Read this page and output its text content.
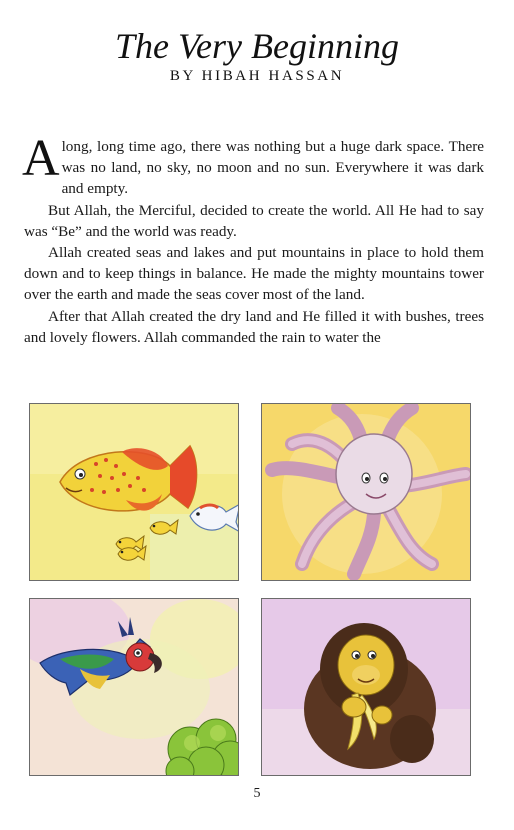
The Very Beginning
BY HIBAH HASSAN

A long, long time ago, there was nothing but a huge dark space. There was no land, no sky, no moon and no sun. Everywhere it was dark and empty.

But Allah, the Merciful, decided to create the world. All He had to say was “Be” and the world was ready.

Allah created seas and lakes and put mountains in place to hold them down and to keep things in balance. He made the mighty mountains tower over the earth and made the seas cover most of the land.

After that Allah created the dry land and He filled it with bushes, trees and lovely flowers. Allah commanded the rain to water the

5
